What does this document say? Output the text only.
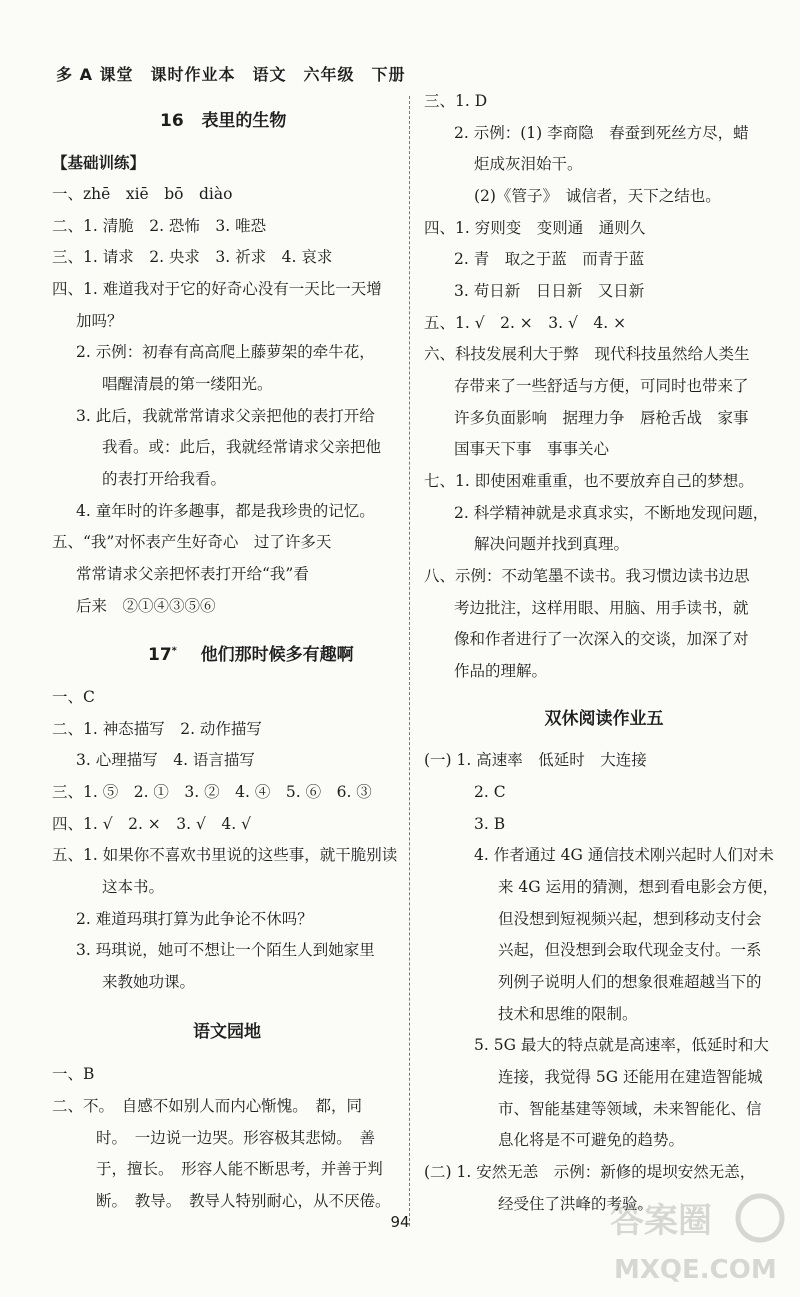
多 A 课堂　课时作业本　语文　六年级　下册
16 表里的生物
【基础训练】
一、zhē　xiē　bō　diào
二、1. 清脆　2. 恐怖　3. 唯恐
三、1. 请求　2. 央求　3. 祈求　4. 哀求
四、1. 难道我对于它的好奇心没有一天比一天增
加吗？
2. 示例：初春有高高爬上藤萝架的牵牛花，
唱醒清晨的第一缕阳光。
3. 此后，我就常常请求父亲把他的表打开给
我看。或：此后，我就经常请求父亲把他
的表打开给我看。
4. 童年时的许多趣事，都是我珍贵的记忆。
五、“我”对怀表产生好奇心　过了许多天
常常请求父亲把怀表打开给“我”看
后来　②①④③⑤⑥
17* 他们那时候多有趣啊
一、C
二、1. 神态描写　2. 动作描写
3. 心理描写　4. 语言描写
三、1. ⑤　2. ①　3. ②　4. ④　5. ⑥　6. ③
四、1. √　2. ×　3. √　4. √
五、1. 如果你不喜欢书里说的这些事，就干脆别读
这本书。
2. 难道玛琪打算为此争论不休吗？
3. 玛琪说，她可不想让一个陌生人到她家里
来教她功课。
语文园地
一、B
二、不。　自感不如别人而内心惭愧。　都，同
时。　一边说一边哭。形容极其悲恸。　善
于，擅长。　形容人能不断思考，并善于判
断。　教导。　教导人特别耐心，从不厌倦。
三、1. D
2. 示例：(1) 李商隐　春蚕到死丝方尽，蜡
炬成灰泪始干。
(2)《管子》　诚信者，天下之结也。
四、1. 穷则变　变则通　通则久
2. 青　取之于蓝　而青于蓝
3. 苟日新　日日新　又日新
五、1. √　2. ×　3. √　4. ×
六、科技发展利大于弊　现代科技虽然给人类生
存带来了一些舒适与方便，可同时也带来了
许多负面影响　据理力争　唇枪舌战　家事
国事天下事　事事关心
七、1. 即使困难重重，也不要放弃自己的梦想。
2. 科学精神就是求真求实，不断地发现问题，
解决问题并找到真理。
八、示例：不动笔墨不读书。我习惯边读书边思
考边批注，这样用眼、用脑、用手读书，就
像和作者进行了一次深入的交谈，加深了对
作品的理解。
双休阅读作业五
(一) 1. 高速率　低延时　大连接
2. C
3. B
4. 作者通过 4G 通信技术刚兴起时人们对未
来 4G 运用的猜测，想到看电影会方便，
但没想到短视频兴起，想到移动支付会
兴起，但没想到会取代现金支付。一系
列例子说明人们的想象很难超越当下的
技术和思维的限制。
5. 5G 最大的特点就是高速率，低延时和大
连接，我觉得 5G 还能用在建造智能城
市、智能基建等领域，未来智能化、信
息化将是不可避免的趋势。
(二) 1. 安然无恙　示例：新修的堤坝安然无恙，
经受住了洪峰的考验。
94	答案圈
MXQE.COM
